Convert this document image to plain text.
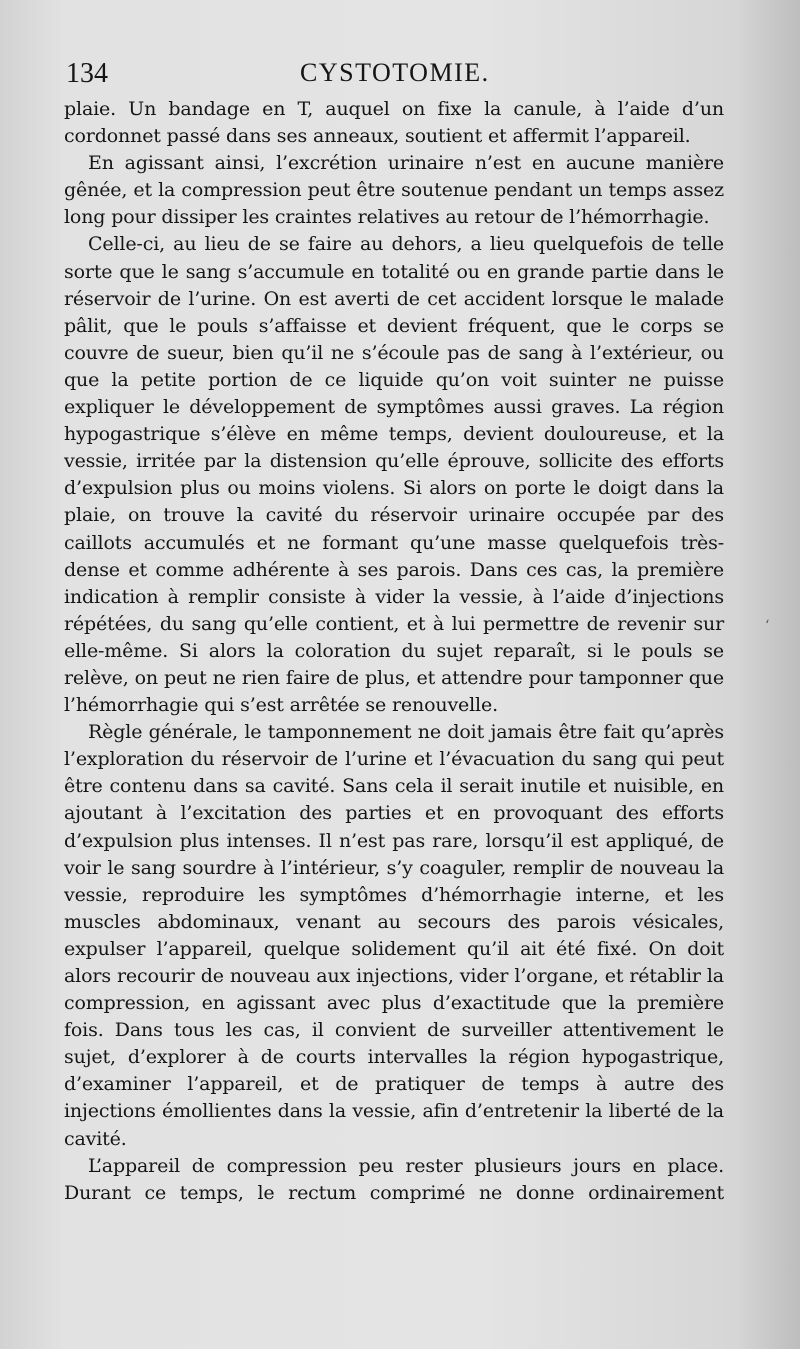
134	CYSTOTOMIE.

plaie. Un bandage en T, auquel on fixe la canule, à l’aide d’un cordonnet passé dans ses anneaux, soutient et affermit l’appareil.

En agissant ainsi, l’excrétion urinaire n’est en aucune manière gênée, et la compression peut être soutenue pendant un temps assez long pour dissiper les craintes relatives au retour de l’hémorrhagie.

Celle-ci, au lieu de se faire au dehors, a lieu quelquefois de telle sorte que le sang s’accumule en totalité ou en grande partie dans le réservoir de l’urine. On est averti de cet accident lorsque le malade pâlit, que le pouls s’affaisse et devient fréquent, que le corps se couvre de sueur, bien qu’il ne s’écoule pas de sang à l’extérieur, ou que la petite portion de ce liquide qu’on voit suinter ne puisse expliquer le développement de symptômes aussi graves. La région hypogastrique s’élève en même temps, devient douloureuse, et la vessie, irritée par la distension qu’elle éprouve, sollicite des efforts d’expulsion plus ou moins violens. Si alors on porte le doigt dans la plaie, on trouve la cavité du réservoir urinaire occupée par des caillots accumulés et ne formant qu’une masse quelquefois très-dense et comme adhérente à ses parois. Dans ces cas, la première indication à remplir consiste à vider la vessie, à l’aide d’injections répétées, du sang qu’elle contient, et à lui permettre de revenir sur elle-même. Si alors la coloration du sujet reparaît, si le pouls se relève, on peut ne rien faire de plus, et attendre pour tamponner que l’hémorrhagie qui s’est arrêtée se renouvelle.

Règle générale, le tamponnement ne doit jamais être fait qu’après l’exploration du réservoir de l’urine et l’évacuation du sang qui peut être contenu dans sa cavité. Sans cela il serait inutile et nuisible, en ajoutant à l’excitation des parties et en provoquant des efforts d’expulsion plus intenses. Il n’est pas rare, lorsqu’il est appliqué, de voir le sang sourdre à l’intérieur, s’y coaguler, remplir de nouveau la vessie, reproduire les symptômes d’hémorrhagie interne, et les muscles abdominaux, venant au secours des parois vésicales, expulser l’appareil, quelque solidement qu’il ait été fixé. On doit alors recourir de nouveau aux injections, vider l’organe, et rétablir la compression, en agissant avec plus d’exactitude que la première fois. Dans tous les cas, il convient de surveiller attentivement le sujet, d’explorer à de courts intervalles la région hypogastrique, d’examiner l’appareil, et de pratiquer de temps à autre des injections émollientes dans la vessie, afin d’entretenir la liberté de la cavité.

L’appareil de compression peu rester plusieurs jours en place. Durant ce temps, le rectum comprimé ne donne ordinairement

‘
